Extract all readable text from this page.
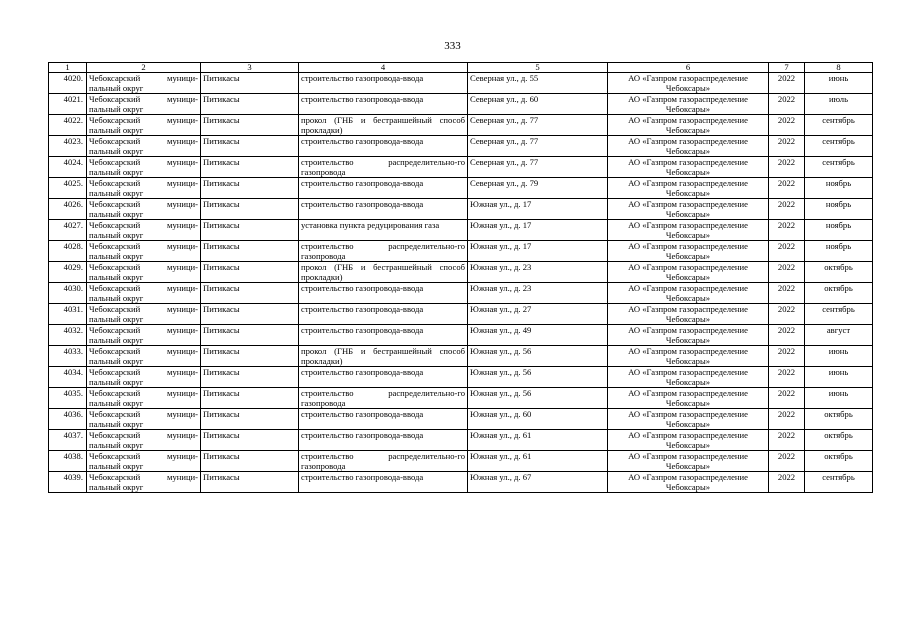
333
1	2	3	4	5	6	7	8
4020.	Чебоксарский муници-пальный округ	Питикасы	строительство газопровода-ввода	Северная ул., д. 55	АО «Газпром газораспределение Чебоксары»	2022	июнь
4021.	Чебоксарский муници-пальный округ	Питикасы	строительство газопровода-ввода	Северная ул., д. 60	АО «Газпром газораспределение Чебоксары»	2022	июль
4022.	Чебоксарский муници-пальный округ	Питикасы	прокол (ГНБ и бестраншейный способ прокладки)	Северная ул., д. 77	АО «Газпром газораспределение Чебоксары»	2022	сентябрь
4023.	Чебоксарский муници-пальный округ	Питикасы	строительство газопровода-ввода	Северная ул., д. 77	АО «Газпром газораспределение Чебоксары»	2022	сентябрь
4024.	Чебоксарский муници-пальный округ	Питикасы	строительство распределительно-го газопровода	Северная ул., д. 77	АО «Газпром газораспределение Чебоксары»	2022	сентябрь
4025.	Чебоксарский муници-пальный округ	Питикасы	строительство газопровода-ввода	Северная ул., д. 79	АО «Газпром газораспределение Чебоксары»	2022	ноябрь
4026.	Чебоксарский муници-пальный округ	Питикасы	строительство газопровода-ввода	Южная ул., д. 17	АО «Газпром газораспределение Чебоксары»	2022	ноябрь
4027.	Чебоксарский муници-пальный округ	Питикасы	установка пункта редуцирования газа	Южная ул., д. 17	АО «Газпром газораспределение Чебоксары»	2022	ноябрь
4028.	Чебоксарский муници-пальный округ	Питикасы	строительство распределительно-го газопровода	Южная ул., д. 17	АО «Газпром газораспределение Чебоксары»	2022	ноябрь
4029.	Чебоксарский муници-пальный округ	Питикасы	прокол (ГНБ и бестраншейный способ прокладки)	Южная ул., д. 23	АО «Газпром газораспределение Чебоксары»	2022	октябрь
4030.	Чебоксарский муници-пальный округ	Питикасы	строительство газопровода-ввода	Южная ул., д. 23	АО «Газпром газораспределение Чебоксары»	2022	октябрь
4031.	Чебоксарский муници-пальный округ	Питикасы	строительство газопровода-ввода	Южная ул., д. 27	АО «Газпром газораспределение Чебоксары»	2022	сентябрь
4032.	Чебоксарский муници-пальный округ	Питикасы	строительство газопровода-ввода	Южная ул., д. 49	АО «Газпром газораспределение Чебоксары»	2022	август
4033.	Чебоксарский муници-пальный округ	Питикасы	прокол (ГНБ и бестраншейный способ прокладки)	Южная ул., д. 56	АО «Газпром газораспределение Чебоксары»	2022	июнь
4034.	Чебоксарский муници-пальный округ	Питикасы	строительство газопровода-ввода	Южная ул., д. 56	АО «Газпром газораспределение Чебоксары»	2022	июнь
4035.	Чебоксарский муници-пальный округ	Питикасы	строительство распределительно-го газопровода	Южная ул., д. 56	АО «Газпром газораспределение Чебоксары»	2022	июнь
4036.	Чебоксарский муници-пальный округ	Питикасы	строительство газопровода-ввода	Южная ул., д. 60	АО «Газпром газораспределение Чебоксары»	2022	октябрь
4037.	Чебоксарский муници-пальный округ	Питикасы	строительство газопровода-ввода	Южная ул., д. 61	АО «Газпром газораспределение Чебоксары»	2022	октябрь
4038.	Чебоксарский муници-пальный округ	Питикасы	строительство распределительно-го газопровода	Южная ул., д. 61	АО «Газпром газораспределение Чебоксары»	2022	октябрь
4039.	Чебоксарский муници-пальный округ	Питикасы	строительство газопровода-ввода	Южная ул., д. 67	АО «Газпром газораспределение Чебоксары»	2022	сентябрь
